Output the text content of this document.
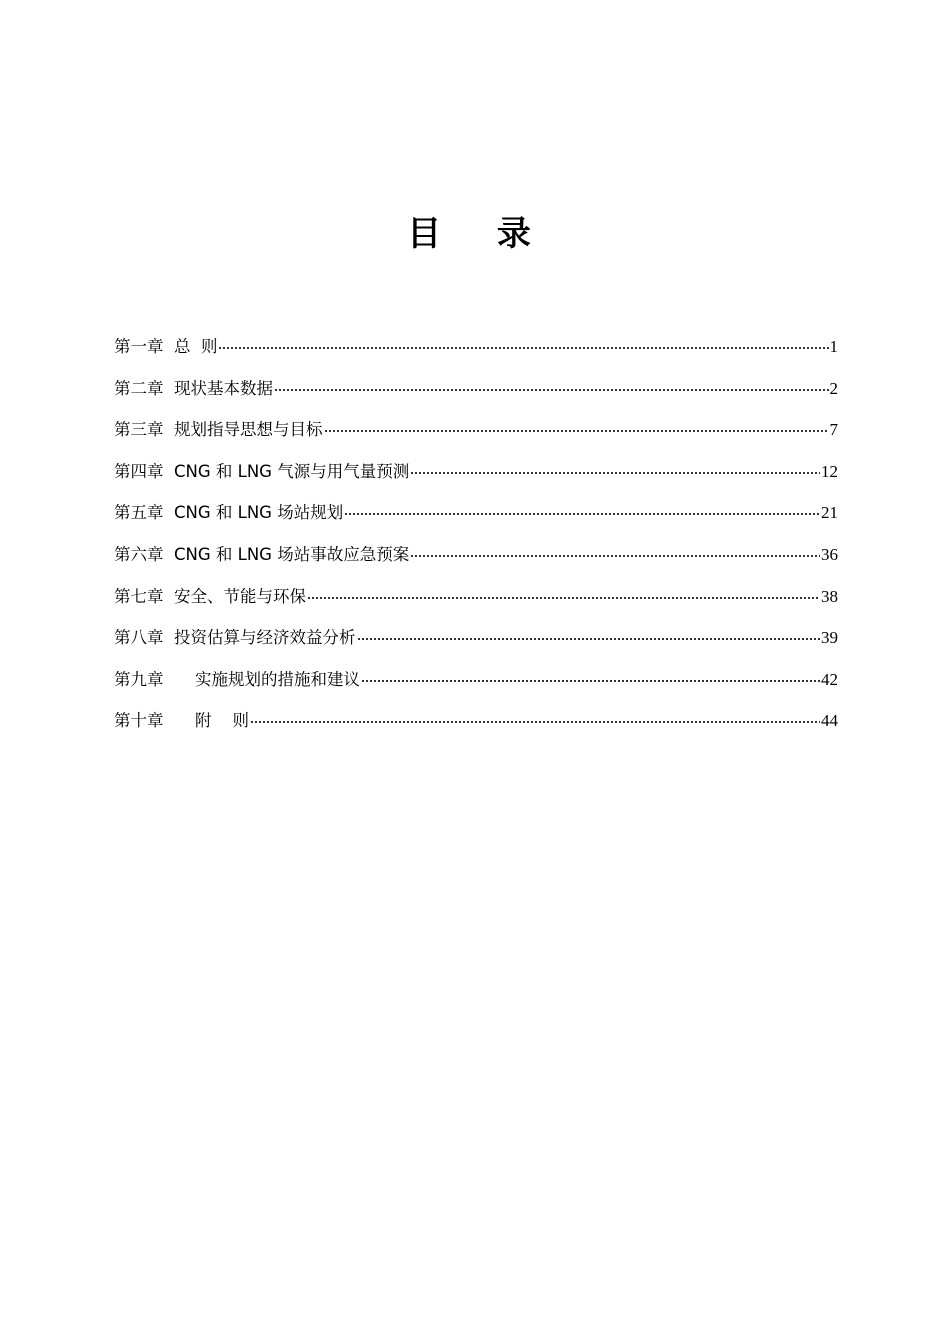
目 录
第一章 总  则	1
第二章 现状基本数据	2
第三章 规划指导思想与目标	7
第四章 CNG 和 LNG 气源与用气量预测	12
第五章 CNG 和 LNG 场站规划	21
第六章 CNG 和 LNG 场站事故应急预案	36
第七章 安全、节能与环保	38
第八章 投资估算与经济效益分析	39
第九章 实施规划的措施和建议	42
第十章 附    则	44
